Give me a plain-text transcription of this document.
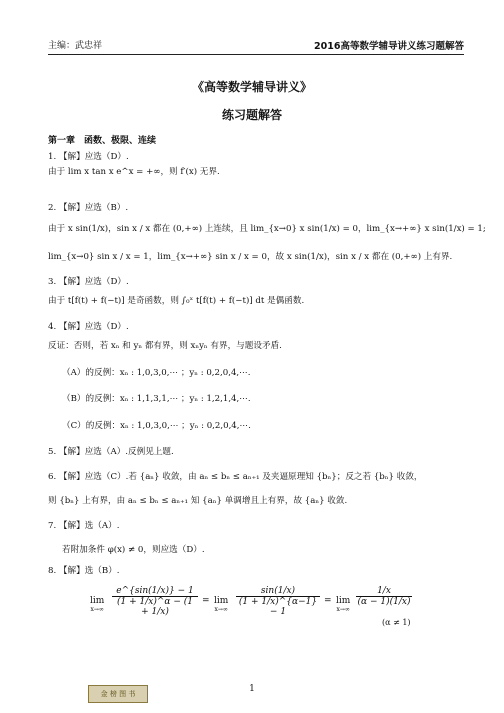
主编：武忠祥	2016高等数学辅导讲义练习题解答
《高等数学辅导讲义》
练习题解答
第一章　函数、极限、连续
1. 【解】应选（D）.
由于 lim x tan x e^x = +∞，则 f′(x) 无界.
2. 【解】应选（B）.
由于 x sin(1/x)，sin x / x 都在 (0,+∞) 上连续，且 lim_{x→0} x sin(1/x) = 0，lim_{x→+∞} x sin(1/x) = 1;
lim_{x→0} sin x / x = 1，lim_{x→+∞} sin x / x = 0，故 x sin(1/x)，sin x / x 都在 (0,+∞) 上有界.
3. 【解】应选（D）.
由于 t[f(t) + f(−t)] 是奇函数，则 ∫₀ˣ t[f(t) + f(−t)] dt 是偶函数.
4. 【解】应选（D）.
反证：否则，若 xₙ 和 yₙ 都有界，则 xₙyₙ 有界，与题设矛盾.
（A）的反例：xₙ : 1,0,3,0,⋯ ；yₙ : 0,2,0,4,⋯.
（B）的反例：xₙ : 1,1,3,1,⋯ ；yₙ : 1,2,1,4,⋯.
（C）的反例：xₙ : 1,0,3,0,⋯ ；yₙ : 0,2,0,4,⋯.
5. 【解】应选（A）.反例见上题.
6. 【解】应选（C）.若 {aₙ} 收敛，由 aₙ ≤ bₙ ≤ aₙ₊₁ 及夹逼原理知 {bₙ}；反之若 {bₙ} 收敛，
则 {bₙ} 上有界，由 aₙ ≤ bₙ ≤ aₙ₊₁ 知 {aₙ} 单调增且上有界，故 {aₙ} 收敛.
7. 【解】选（A）.
若附加条件 φ(x) ≠ 0，则应选（D）.
8. 【解】选（B）.
lim
$x\to\infty \frac{e\^{}\{\sin(1/x)\} - 1}{(1 + 1/x)\^{}\alpha - (1 + 1/x)} = \lim$
$x\to\infty \frac{\sin(1/x)}{(1 + 1/x)\^{}\{\alpha-1\} - 1} = \lim$
x→∞
$\frac{1/x}{(\alpha - 1)(1/x)}$
(α ≠ 1)
金 榜 图 书	1
